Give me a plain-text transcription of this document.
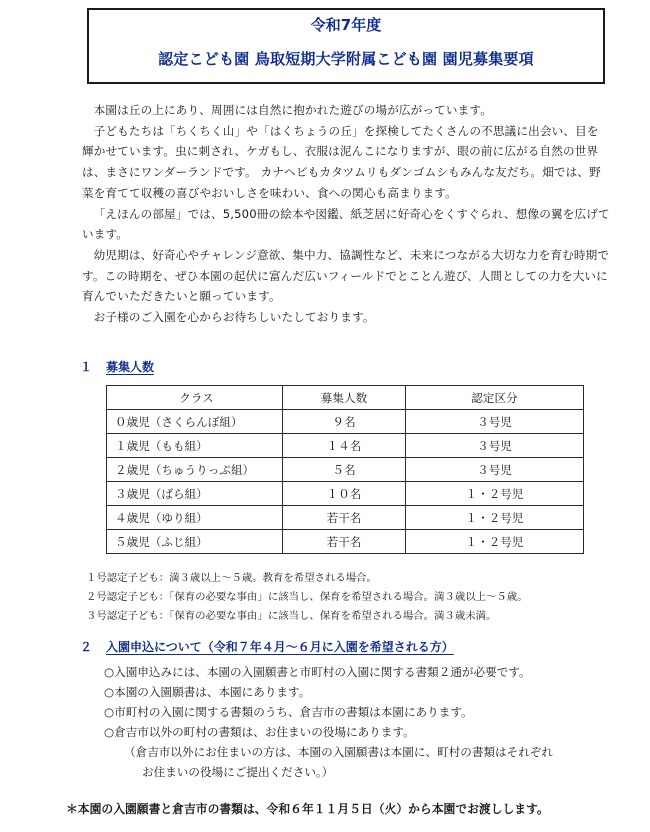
令和7年度
認定こども園 鳥取短期大学附属こども園 園児募集要項

本園は丘の上にあり、周囲には自然に抱かれた遊びの場が広がっています。

子どもたちは「ちくちく山」や「はくちょうの丘」を探検してたくさんの不思議に出会い、目を輝かせています。虫に刺され、ケガもし、衣服は泥んこになりますが、眼の前に広がる自然の世界は、まさにワンダーランドです。 カナヘビもカタツムリもダンゴムシもみんな友だち。畑では、野菜を育てて収穫の喜びやおいしさを味わい、食への関心も高まります。

「えほんの部屋」では、5,500冊の絵本や図鑑、紙芝居に好奇心をくすぐられ、想像の翼を広げています。

幼児期は、好奇心やチャレンジ意欲、集中力、協調性など、未来につながる大切な力を育む時期です。この時期を、ぜひ本園の起伏に富んだ広いフィールドでとことん遊び、人間としての力を大いに育んでいただきたいと願っています。

お子様のご入園を心からお待ちしいたしております。

１ 募集人数
クラス	募集人数	認定区分
０歳児（さくらんぼ組）	９名	３号児
１歳児（もも組）	１４名	３号児
２歳児（ちゅうりっぷ組）	５名	３号児
３歳児（ばら組）	１０名	１・２号児
４歳児（ゆり組）	若干名	１・２号児
５歳児（ふじ組）	若干名	１・２号児
１号認定子ども：満３歳以上～５歳。教育を希望される場合。
２号認定子ども：「保育の必要な事由」に該当し、保育を希望される場合。満３歳以上～５歳。
３号認定子ども：「保育の必要な事由」に該当し、保育を希望される場合。満３歳未満。
２ 入園申込について（令和７年４月～６月に入園を希望される方）
○入園申込みには、本園の入園願書と市町村の入園に関する書類２通が必要です。
○本園の入園願書は、本園にあります。
○市町村の入園に関する書類のうち、倉吉市の書類は本園にあります。
○倉吉市以外の町村の書類は、お住まいの役場にあります。
（倉吉市以外にお住まいの方は、本園の入園願書は本園に、町村の書類はそれぞれ
お住まいの役場にご提出ください。）
＊本園の入園願書と倉吉市の書類は、令和６年１１月５日（火）から本園でお渡しします。
